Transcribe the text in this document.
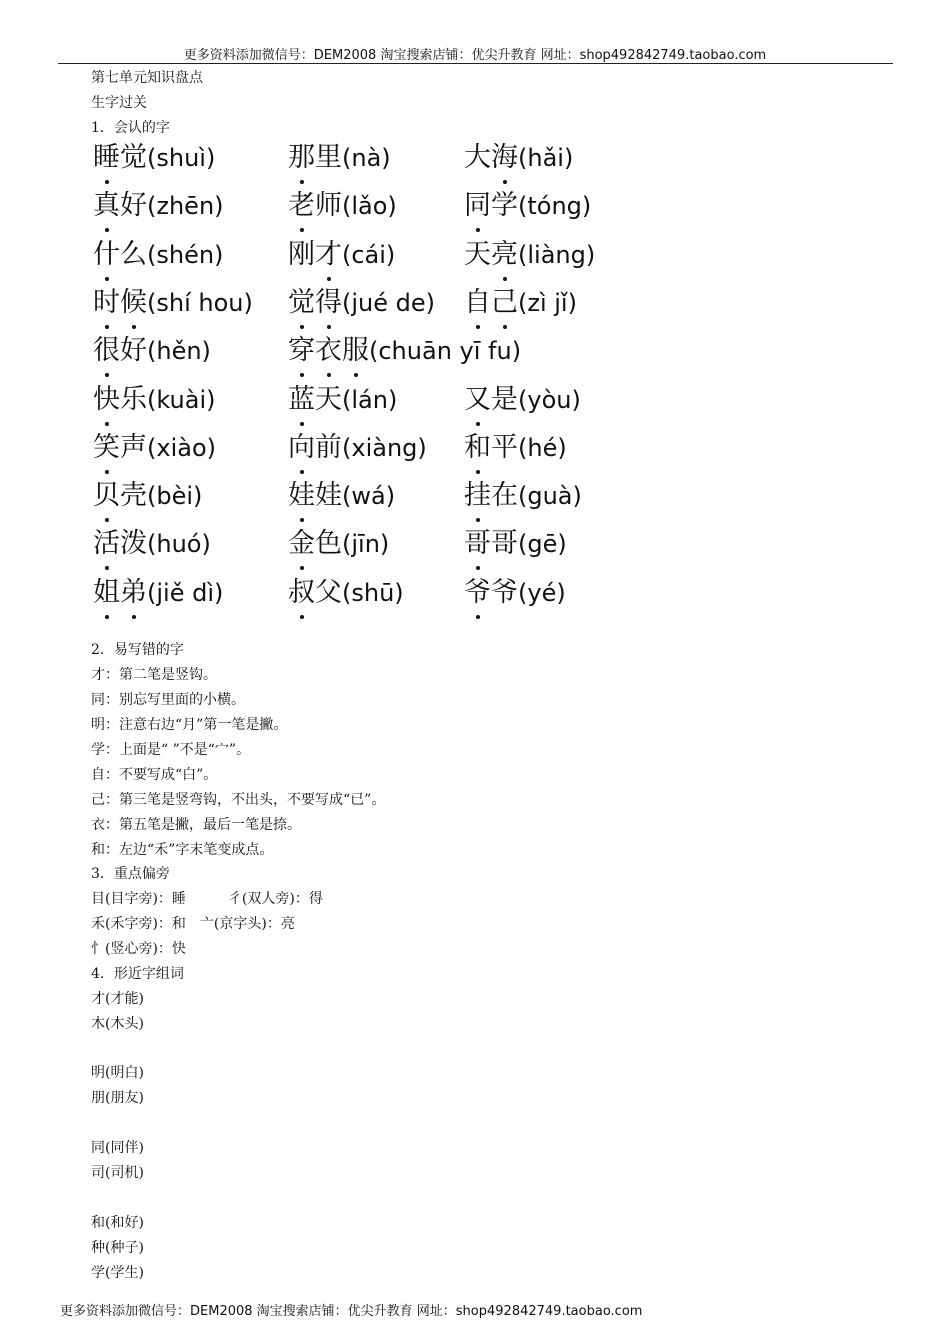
更多资料添加微信号：DEM2008 淘宝搜索店铺：优尖升教育 网址：shop492842749.taobao.com
第七单元知识盘点
生字过关
1．会认的字
睡觉(shuì)	那里(nà)	大海(hǎi)
真好(zhēn) 老师(lǎo) 同学(tóng)
什么(shén) 刚才(cái)	天亮(liàng)
时候(shí hou) 觉得(jué de) 自己(zì jǐ)
很好(hěn)	穿衣服(chuān yī fu)
快乐(kuài)	蓝天(lán) 又是(yòu)
笑声(xiào)	向前(xiàng) 和平(hé)
贝壳(bèi)	娃娃(wá)	挂在(guà)
活泼(huó)	金色(jīn)	哥哥(gē)
姐弟(jiě dì) 叔父(shū) 爷爷(yé)
2．易写错的字
才：第二笔是竖钩。
同：别忘写里面的小横。
明：注意右边“月”第一笔是撇。
学：上面是“ ”不是“宀”。
自：不要写成“白”。
己：第三笔是竖弯钩，不出头，不要写成“已”。
衣：第五笔是撇，最后一笔是捺。
和：左边“禾”字末笔变成点。
3．重点偏旁
目(目字旁)：睡　　　彳(双人旁)：得
禾(禾字旁)：和　亠(京字头)：亮
忄(竖心旁)：快
4．形近字组词
才(才能)
木(木头)
明(明白)
朋(朋友)
同(同伴)
司(司机)
和(和好)
种(种子)
学(学生)
更多资料添加微信号：DEM2008 淘宝搜索店铺：优尖升教育 网址：shop492842749.taobao.com
